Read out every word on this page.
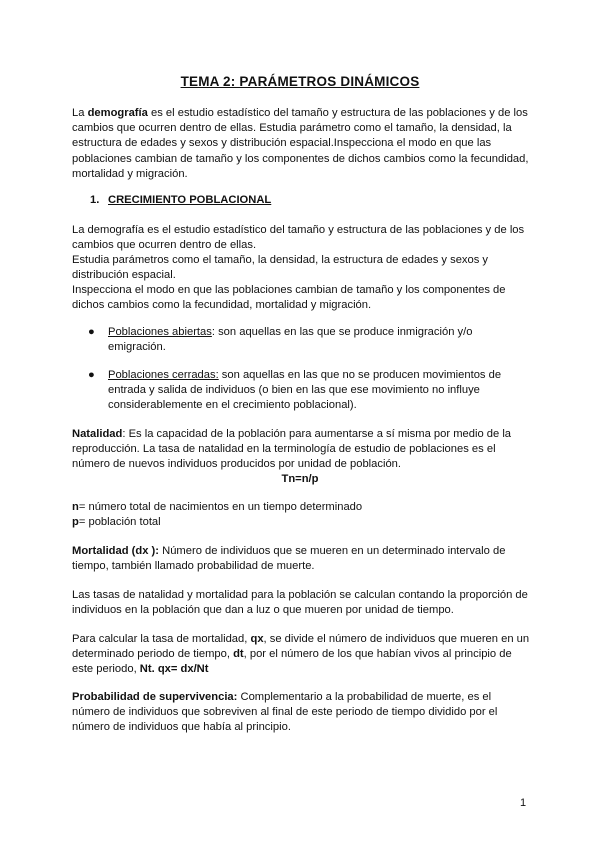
TEMA 2: PARÁMETROS DINÁMICOS

La demografía es el estudio estadístico del tamaño y estructura de las poblaciones y de los cambios que ocurren dentro de ellas. Estudia parámetro como el tamaño, la densidad, la estructura de edades y sexos y distribución espacial.Inspecciona el modo en que las poblaciones cambian de tamaño y los componentes de dichos cambios como la fecundidad, mortalidad y migración.

1. CRECIMIENTO POBLACIONAL

La demografía es el estudio estadístico del tamaño y estructura de las poblaciones y de los cambios que ocurren dentro de ellas.

Estudia parámetros como el tamaño, la densidad, la estructura de edades y sexos y distribución espacial.

Inspecciona el modo en que las poblaciones cambian de tamaño y los componentes de dichos cambios como la fecundidad, mortalidad y migración.

●	Poblaciones abiertas: son aquellas en las que se produce inmigración y/o emigración.
●	Poblaciones cerradas: son aquellas en las que no se producen movimientos de entrada y salida de individuos (o bien en las que ese movimiento no influye considerablemente en el crecimiento poblacional).

Natalidad: Es la capacidad de la población para aumentarse a sí misma por medio de la reproducción. La tasa de natalidad en la terminología de estudio de poblaciones es el número de nuevos individuos producidos por unidad de población.

Tn=n/p

n= número total de nacimientos en un tiempo determinado

p= población total

Mortalidad (dx ): Número de individuos que se mueren en un determinado intervalo de tiempo, también llamado probabilidad de muerte.

Las tasas de natalidad y mortalidad para la población se calculan contando la proporción de individuos en la población que dan a luz o que mueren por unidad de tiempo.

Para calcular la tasa de mortalidad, qx, se divide el número de individuos que mueren en un determinado periodo de tiempo, dt, por el número de los que habían vivos al principio de este periodo, Nt. qx= dx/Nt

Probabilidad de supervivencia: Complementario a la probabilidad de muerte, es el número de individuos que sobreviven al final de este periodo de tiempo dividido por el número de individuos que había al principio.

1
